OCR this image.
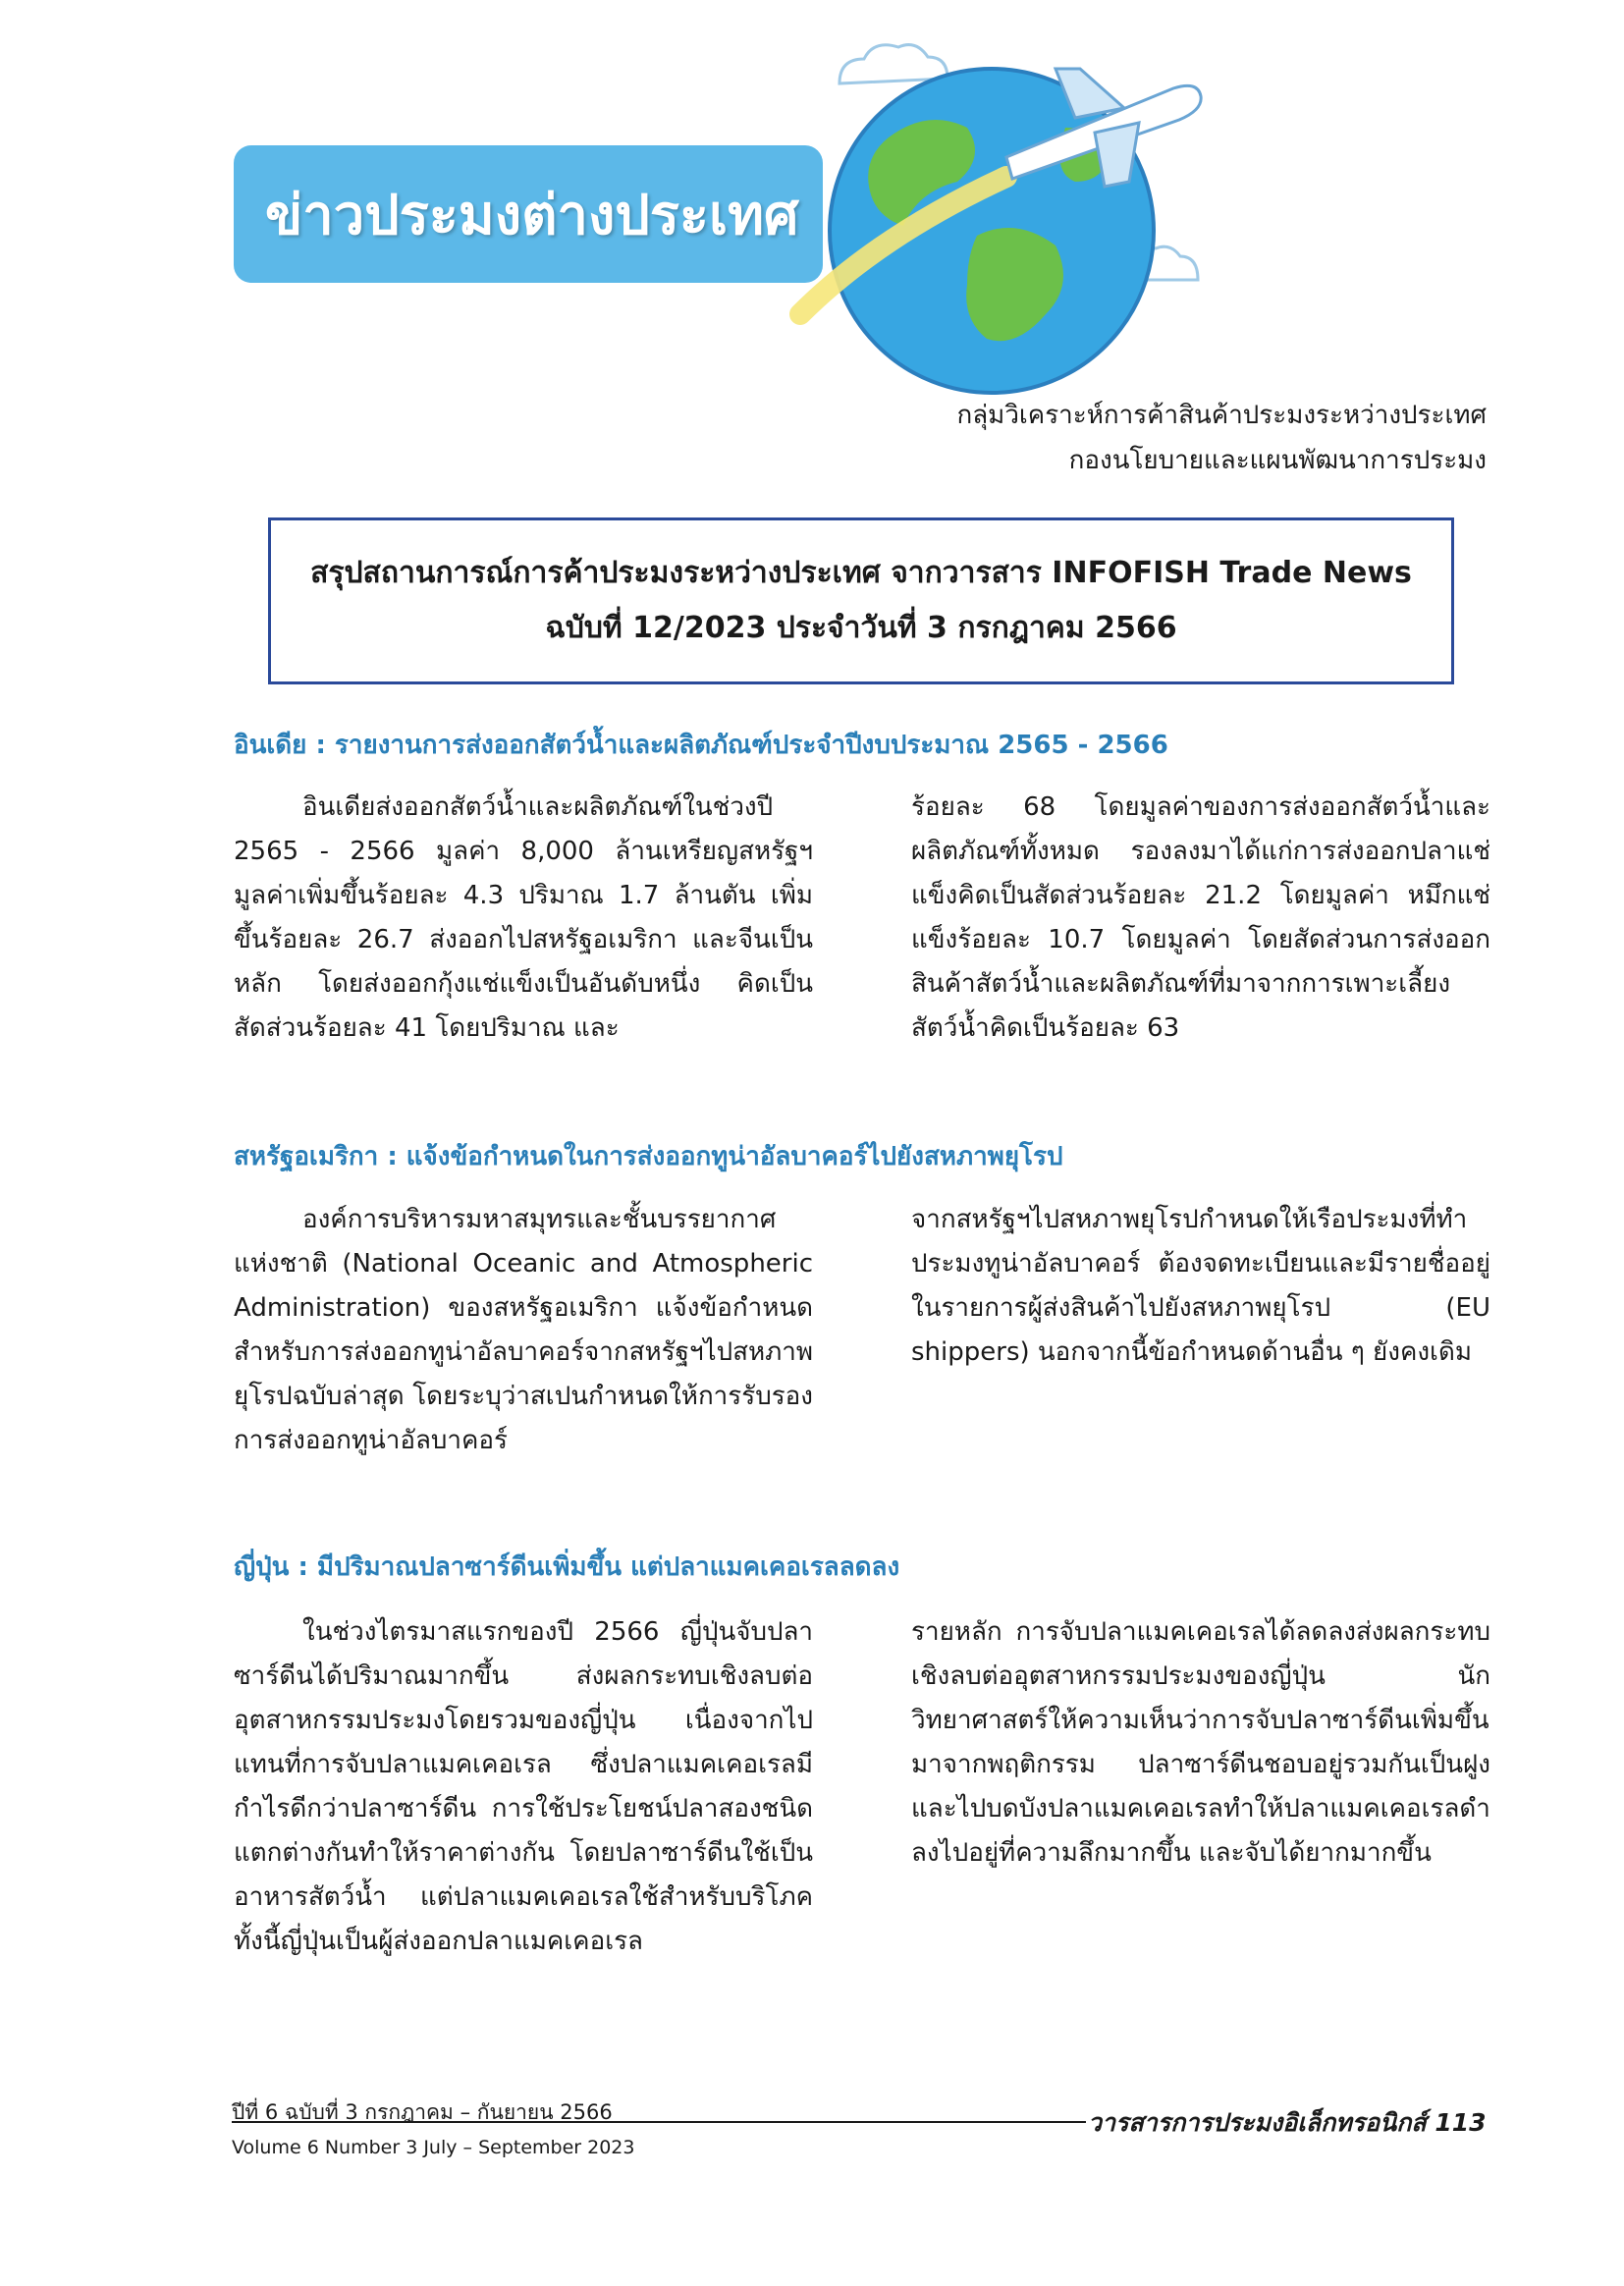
ข่าวประมงต่างประเทศ
กลุ่มวิเคราะห์การค้าสินค้าประมงระหว่างประเทศ
กองนโยบายและแผนพัฒนาการประมง
สรุปสถานการณ์การค้าประมงระหว่างประเทศ จากวารสาร INFOFISH Trade News
ฉบับที่ 12/2023 ประจำวันที่ 3 กรกฎาคม 2566
อินเดีย : รายงานการส่งออกสัตว์น้ำและผลิตภัณฑ์ประจำปีงบประมาณ 2565 - 2566

อินเดียส่งออกสัตว์น้ำและผลิตภัณฑ์ในช่วงปี 2565 - 2566 มูลค่า 8,000 ล้านเหรียญสหรัฐฯ มูลค่าเพิ่มขึ้นร้อยละ 4.3 ปริมาณ 1.7 ล้านตัน เพิ่มขึ้นร้อยละ 26.7 ส่งออกไปสหรัฐอเมริกา และจีนเป็นหลัก โดยส่งออกกุ้งแช่แข็งเป็นอันดับหนึ่ง คิดเป็นสัดส่วนร้อยละ 41 โดยปริมาณ และ

ร้อยละ 68 โดยมูลค่าของการส่งออกสัตว์น้ำและผลิตภัณฑ์ทั้งหมด รองลงมาได้แก่การส่งออกปลาแช่แข็งคิดเป็นสัดส่วนร้อยละ 21.2 โดยมูลค่า หมึกแช่แข็งร้อยละ 10.7 โดยมูลค่า โดยสัดส่วนการส่งออกสินค้าสัตว์น้ำและผลิตภัณฑ์ที่มาจากการเพาะเลี้ยงสัตว์น้ำคิดเป็นร้อยละ 63

สหรัฐอเมริกา : แจ้งข้อกำหนดในการส่งออกทูน่าอัลบาคอร์ไปยังสหภาพยุโรป

องค์การบริหารมหาสมุทรและชั้นบรรยากาศแห่งชาติ (National Oceanic and Atmospheric Administration) ของสหรัฐอเมริกา แจ้งข้อกำหนดสำหรับการส่งออกทูน่าอัลบาคอร์จากสหรัฐฯไปสหภาพยุโรปฉบับล่าสุด โดยระบุว่าสเปนกำหนดให้การรับรองการส่งออกทูน่าอัลบาคอร์

จากสหรัฐฯไปสหภาพยุโรปกำหนดให้เรือประมงที่ทำประมงทูน่าอัลบาคอร์ ต้องจดทะเบียนและมีรายชื่ออยู่ในรายการผู้ส่งสินค้าไปยังสหภาพยุโรป (EU shippers) นอกจากนี้ข้อกำหนดด้านอื่น ๆ ยังคงเดิม

ญี่ปุ่น : มีปริมาณปลาซาร์ดีนเพิ่มขึ้น แต่ปลาแมคเคอเรลลดลง

ในช่วงไตรมาสแรกของปี 2566 ญี่ปุ่นจับปลาซาร์ดีนได้ปริมาณมากขึ้น ส่งผลกระทบเชิงลบต่ออุตสาหกรรมประมงโดยรวมของญี่ปุ่น เนื่องจากไปแทนที่การจับปลาแมคเคอเรล ซึ่งปลาแมคเคอเรลมีกำไรดีกว่าปลาซาร์ดีน การใช้ประโยชน์ปลาสองชนิดแตกต่างกันทำให้ราคาต่างกัน โดยปลาซาร์ดีนใช้เป็นอาหารสัตว์น้ำ แต่ปลาแมคเคอเรลใช้สำหรับบริโภค ทั้งนี้ญี่ปุ่นเป็นผู้ส่งออกปลาแมคเคอเรล

รายหลัก การจับปลาแมคเคอเรลได้ลดลงส่งผลกระทบเชิงลบต่ออุตสาหกรรมประมงของญี่ปุ่น นักวิทยาศาสตร์ให้ความเห็นว่าการจับปลาซาร์ดีนเพิ่มขึ้นมาจากพฤติกรรม ปลาซาร์ดีนชอบอยู่รวมกันเป็นฝูง และไปบดบังปลาแมคเคอเรลทำให้ปลาแมคเคอเรลดำลงไปอยู่ที่ความลึกมากขึ้น และจับได้ยากมากขึ้น

ปีที่ 6 ฉบับที่ 3 กรกฎาคม – กันยายน 2566
Volume 6 Number 3 July – September 2023
วารสารการประมงอิเล็กทรอนิกส์ 113
